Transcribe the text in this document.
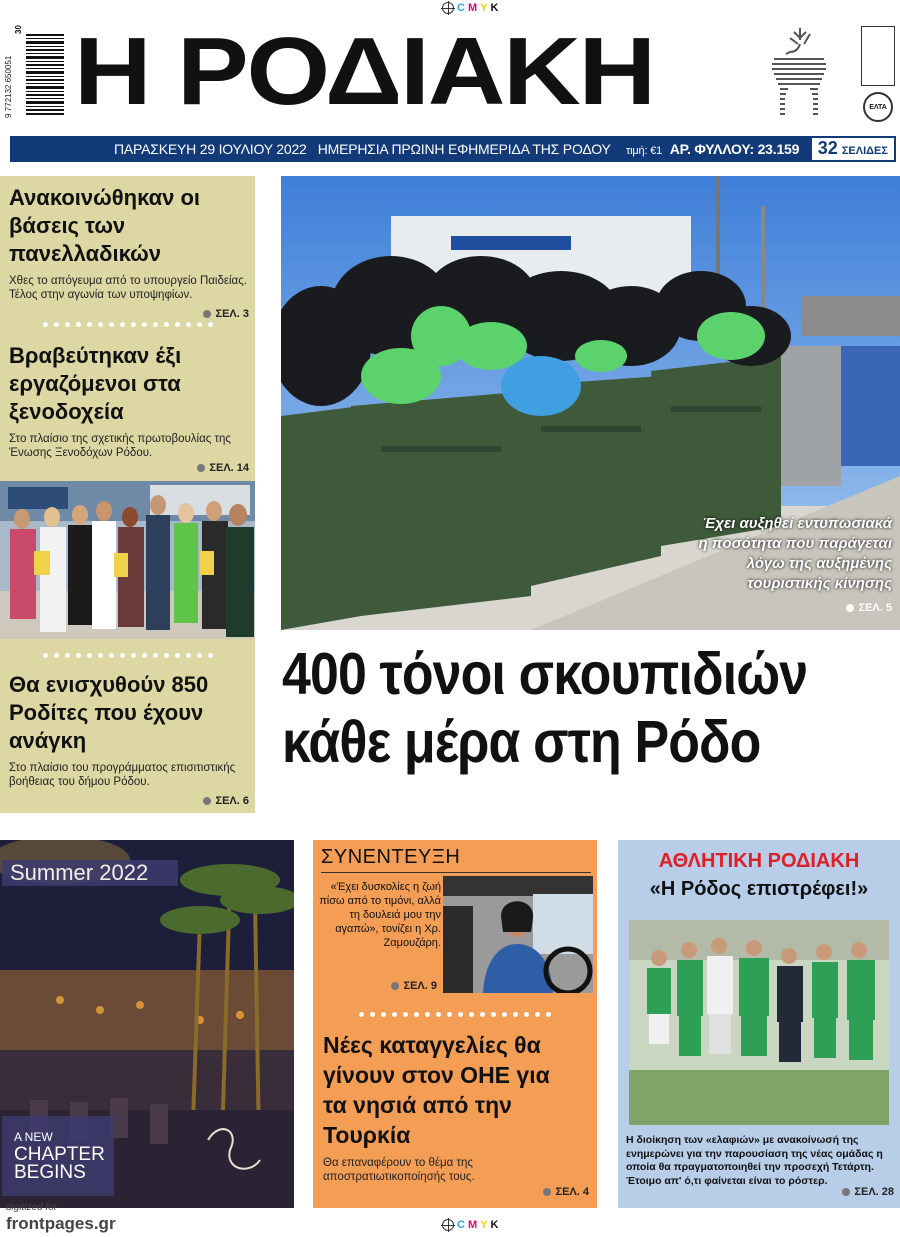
C M Y K
9 772132 650051
30 Η ΡΟΔΙΑΚΗ	ΕΛΤΑ
ΠΑΡΑΣΚΕΥΗ 29 ΙΟΥΛΙΟΥ 2022 ΗΜΕΡΗΣΙΑ ΠΡΩΙΝΗ ΕΦΗΜΕΡΙΔΑ ΤΗΣ ΡΟΔΟΥ τιμή: €1 ΑΡ. ΦΥΛΛΟΥ: 23.159 32 ΣΕΛΙΔΕΣ
Ανακοινώθηκαν οι βάσεις των πανελλαδικών

Χθες το απόγευμα από το υπουργείο Παιδείας. Τέλος στην αγωνία των υποψηφίων.

ΣΕΛ. 3
Βραβεύτηκαν έξι εργαζόμενοι στα ξενοδοχεία

Στο πλαίσιο της σχετικής πρωτοβουλίας της Ένωσης Ξενοδόχων Ρόδου.

ΣΕΛ. 14
Θα ενισχυθούν 850 Ροδίτες που έχουν ανάγκη

Στο πλαίσιο του προγράμματος επισιτιστικής βοήθειας του δήμου Ρόδου.

ΣΕΛ. 6
Έχει αυξηθεί εντυπωσιακά
η ποσότητα που παράγεται
λόγω της αυξημένης
τουριστικής κίνησης
ΣΕΛ. 5
400 τόνοι σκουπιδιών
κάθε μέρα στη Ρόδο
Summer 2022
A NEW
CHAPTER
BEGINS
ΣΥΝΕΝΤΕΥΞΗ
«Έχει δυσκολίες η ζωή πίσω από το τιμόνι, αλλά τη δουλειά μου την αγαπώ», τονίζει η Χρ. Ζαμουζάρη.
ΣΕΛ. 9
Νέες καταγγελίες θα γίνουν στον ΟΗΕ για τα νησιά από την Τουρκία
Θα επαναφέρουν το θέμα της αποστρατιωτικοποίησής τους.
ΣΕΛ. 4
ΑΘΛΗΤΙΚΗ ΡΟΔΙΑΚΗ
«Η Ρόδος επιστρέφει!»
Η διοίκηση των «ελαφιών» με ανακοίνωσή της ενημερώνει για την παρουσίαση της νέας ομάδας η οποία θα πραγματοποιηθεί την προσεχή Τετάρτη. Έτοιμο απ' ό,τι φαίνεται είναι το ρόστερ.
ΣΕΛ. 28
digitized for
frontpages.gr	C M Y K
